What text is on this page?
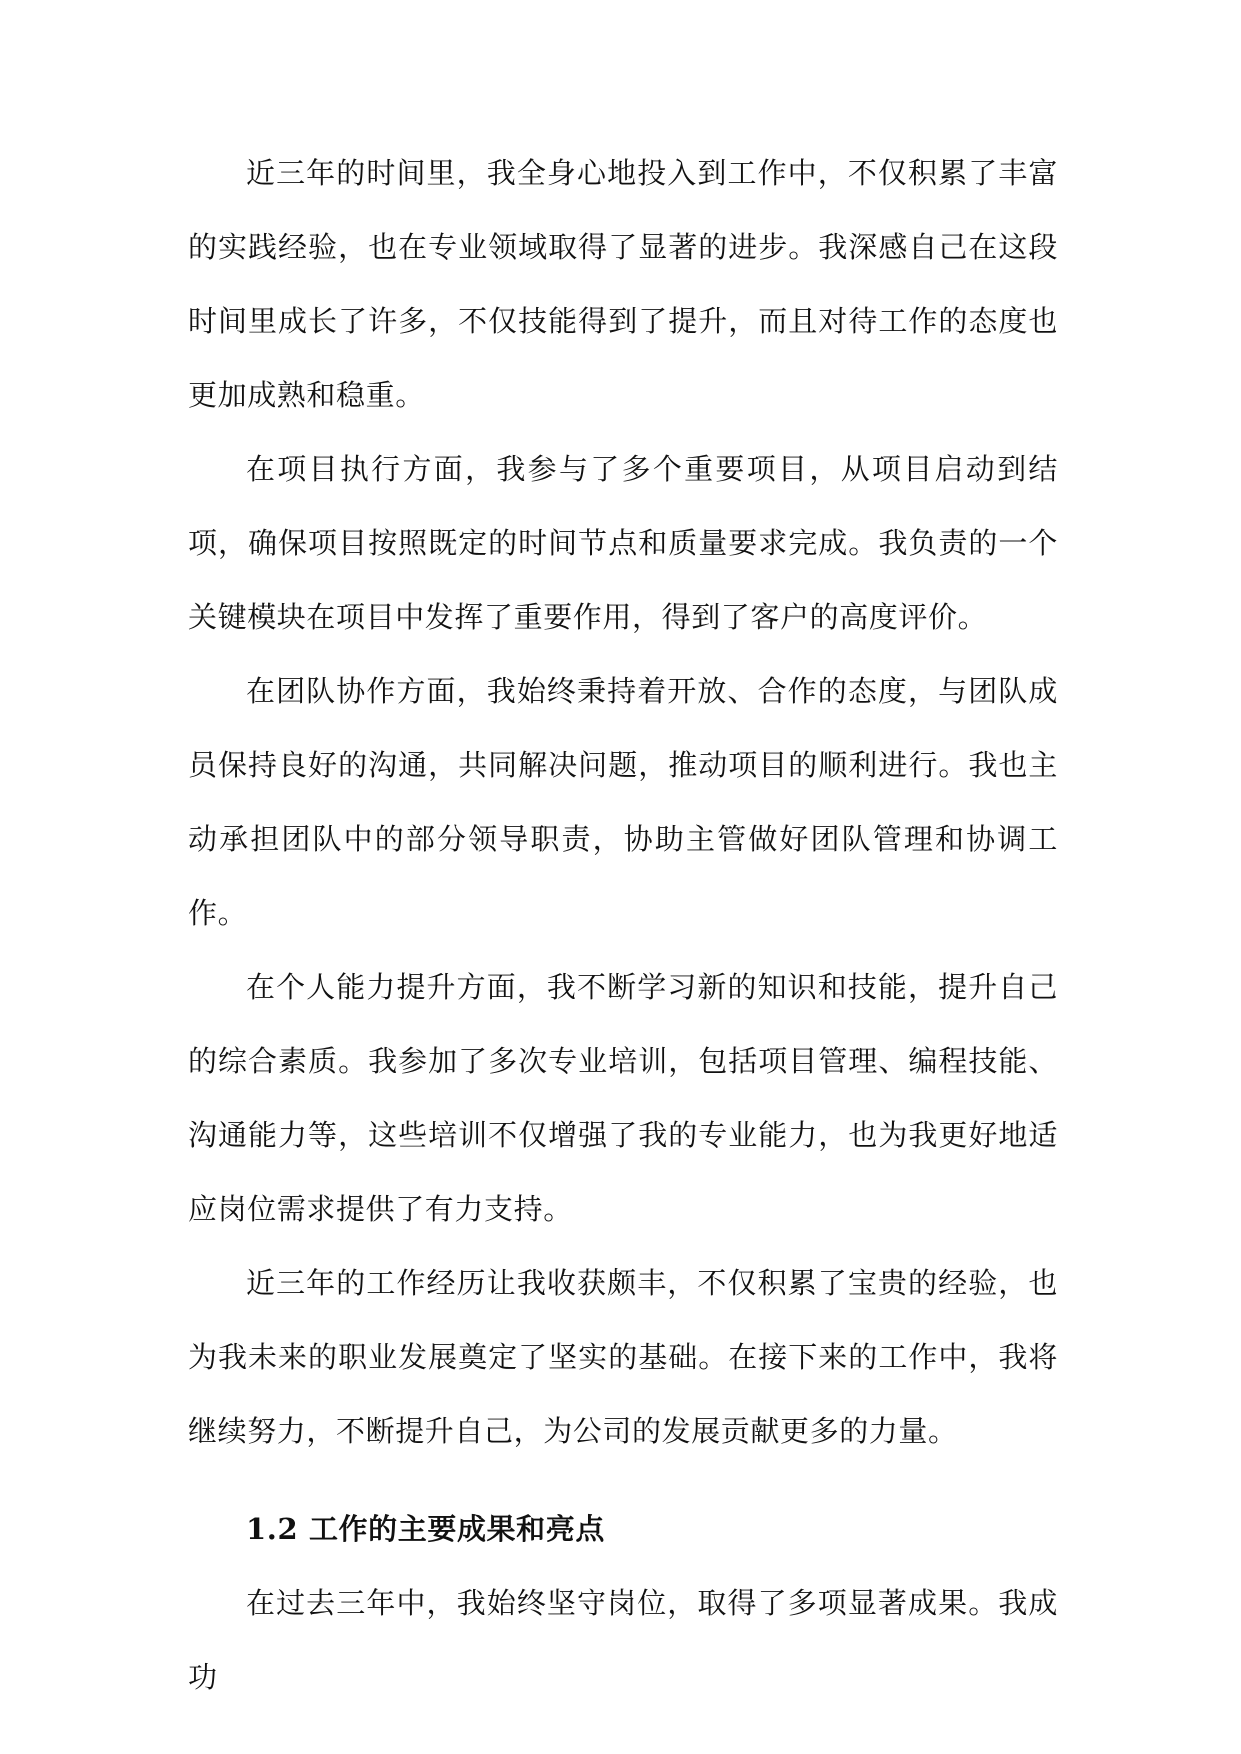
近三年的时间里，我全身心地投入到工作中，不仅积累了丰富的实践经验，也在专业领域取得了显著的进步。我深感自己在这段时间里成长了许多，不仅技能得到了提升，而且对待工作的态度也更加成熟和稳重。

在项目执行方面，我参与了多个重要项目，从项目启动到结项，确保项目按照既定的时间节点和质量要求完成。我负责的一个关键模块在项目中发挥了重要作用，得到了客户的高度评价。

在团队协作方面，我始终秉持着开放、合作的态度，与团队成员保持良好的沟通，共同解决问题，推动项目的顺利进行。我也主动承担团队中的部分领导职责，协助主管做好团队管理和协调工作。

在个人能力提升方面，我不断学习新的知识和技能，提升自己的综合素质。我参加了多次专业培训，包括项目管理、编程技能、沟通能力等，这些培训不仅增强了我的专业能力，也为我更好地适应岗位需求提供了有力支持。

近三年的工作经历让我收获颇丰，不仅积累了宝贵的经验，也为我未来的职业发展奠定了坚实的基础。在接下来的工作中，我将继续努力，不断提升自己，为公司的发展贡献更多的力量。

1.2 工作的主要成果和亮点

在过去三年中，我始终坚守岗位，取得了多项显著成果。我成功
